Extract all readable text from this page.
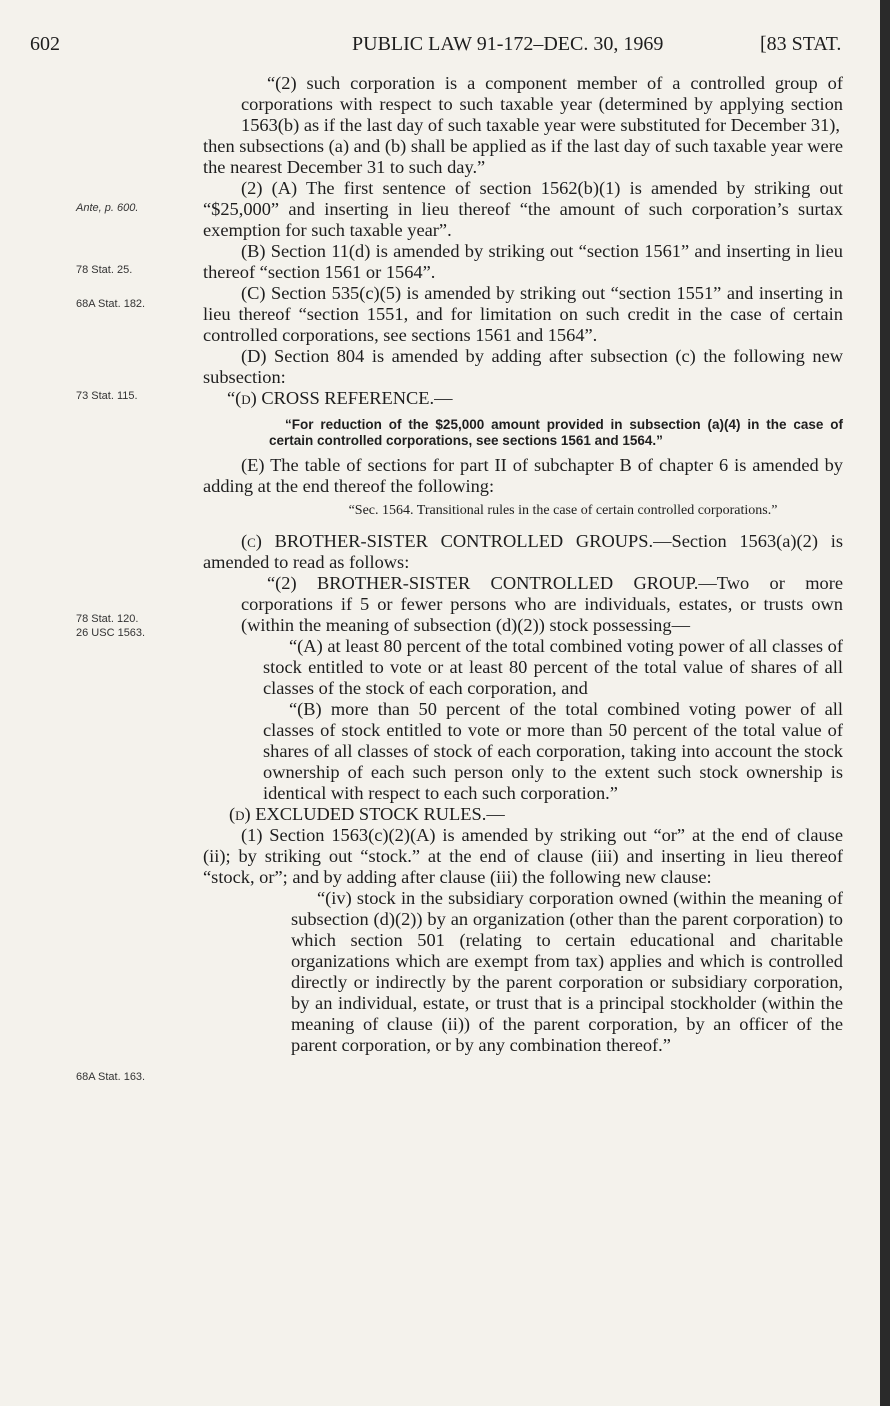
602	PUBLIC LAW 91-172–DEC. 30, 1969	[83 STAT.
Ante, p. 600.
78 Stat. 25.
68A Stat. 182.
73 Stat. 115.
78 Stat. 120.
26 USC 1563.
68A Stat. 163.

“(2) such corporation is a component member of a controlled group of corporations with respect to such taxable year (determined by applying section 1563(b) as if the last day of such taxable year were substituted for December 31),

then subsections (a) and (b) shall be applied as if the last day of such taxable year were the nearest December 31 to such day.”

(2) (A) The first sentence of section 1562(b)(1) is amended by striking out “$25,000” and inserting in lieu thereof “the amount of such corporation’s surtax exemption for such taxable year”.

(B) Section 11(d) is amended by striking out “section 1561” and inserting in lieu thereof “section 1561 or 1564”.

(C) Section 535(c)(5) is amended by striking out “section 1551” and inserting in lieu thereof “section 1551, and for limitation on such credit in the case of certain controlled corporations, see sections 1561 and 1564”.

(D) Section 804 is amended by adding after subsection (c) the following new subsection:

“(d) CROSS REFERENCE.—

“For reduction of the $25,000 amount provided in subsection (a)(4) in the case of certain controlled corporations, see sections 1561 and 1564.”

(E) The table of sections for part II of subchapter B of chapter 6 is amended by adding at the end thereof the following:

“Sec. 1564. Transitional rules in the case of certain controlled corporations.”

(c) BROTHER-SISTER CONTROLLED GROUPS.—Section 1563(a)(2) is amended to read as follows:

“(2) BROTHER-SISTER CONTROLLED GROUP.—Two or more corporations if 5 or fewer persons who are individuals, estates, or trusts own (within the meaning of subsection (d)(2)) stock possessing—

“(A) at least 80 percent of the total combined voting power of all classes of stock entitled to vote or at least 80 percent of the total value of shares of all classes of the stock of each corporation, and

“(B) more than 50 percent of the total combined voting power of all classes of stock entitled to vote or more than 50 percent of the total value of shares of all classes of stock of each corporation, taking into account the stock ownership of each such person only to the extent such stock ownership is identical with respect to each such corporation.”

(d) EXCLUDED STOCK RULES.—

(1) Section 1563(c)(2)(A) is amended by striking out “or” at the end of clause (ii); by striking out “stock.” at the end of clause (iii) and inserting in lieu thereof “stock, or”; and by adding after clause (iii) the following new clause:

“(iv) stock in the subsidiary corporation owned (within the meaning of subsection (d)(2)) by an organization (other than the parent corporation) to which section 501 (relating to certain educational and charitable organizations which are exempt from tax) applies and which is controlled directly or indirectly by the parent corporation or subsidiary corporation, by an individual, estate, or trust that is a principal stockholder (within the meaning of clause (ii)) of the parent corporation, by an officer of the parent corporation, or by any combination thereof.”
